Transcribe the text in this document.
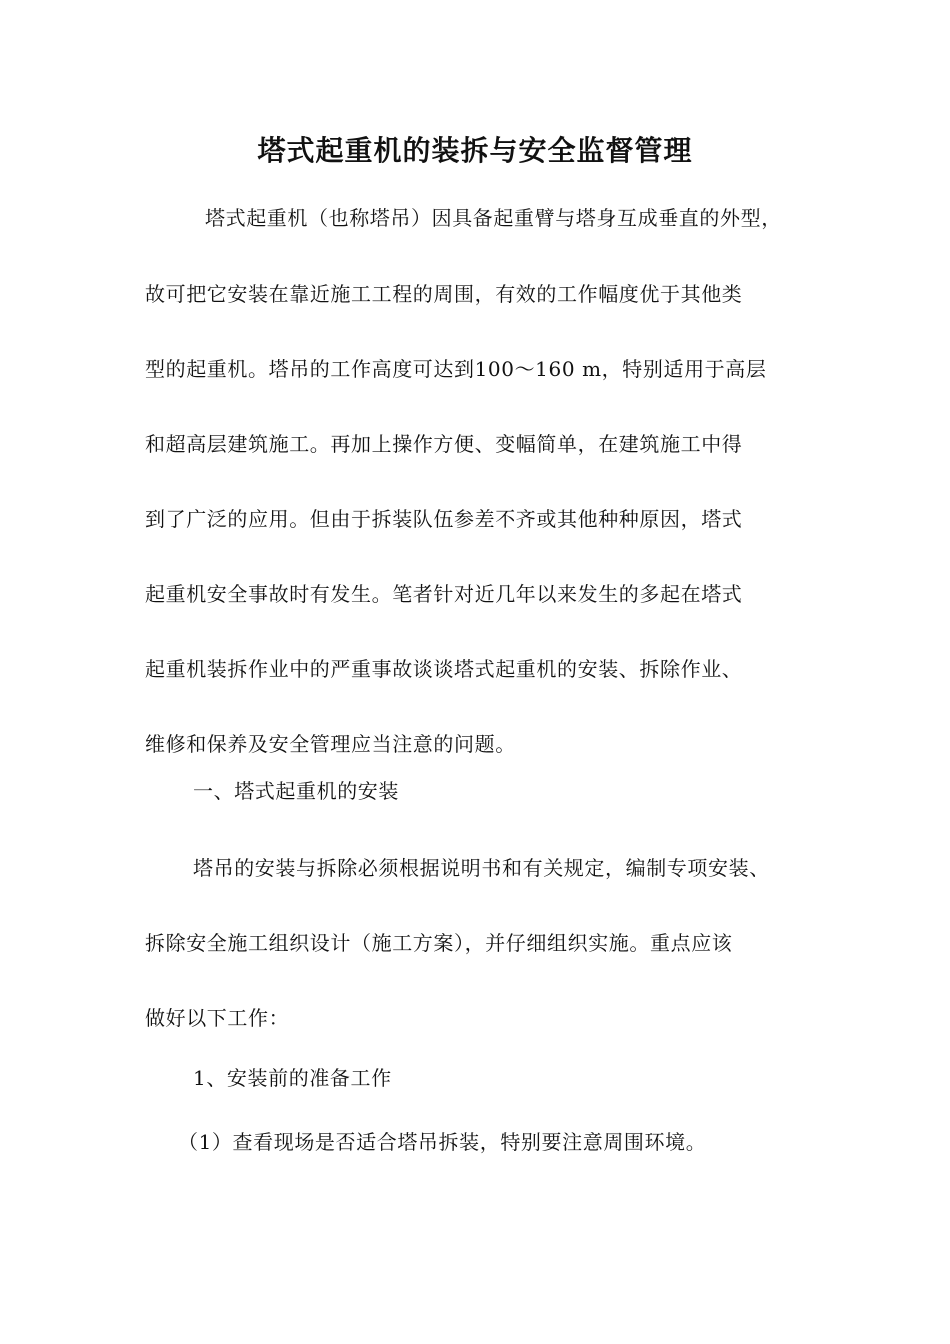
塔式起重机的装拆与安全监督管理
塔式起重机（也称塔吊）因具备起重臂与塔身互成垂直的外型，
故可把它安装在靠近施工工程的周围，有效的工作幅度优于其他类
型的起重机。塔吊的工作高度可达到100～160 m，特别适用于高层
和超高层建筑施工。再加上操作方便、变幅简单，在建筑施工中得
到了广泛的应用。但由于拆装队伍参差不齐或其他种种原因，塔式
起重机安全事故时有发生。笔者针对近几年以来发生的多起在塔式
起重机装拆作业中的严重事故谈谈塔式起重机的安装、拆除作业、
维修和保养及安全管理应当注意的问题。
一、塔式起重机的安装
塔吊的安装与拆除必须根据说明书和有关规定，编制专项安装、
拆除安全施工组织设计（施工方案），并仔细组织实施。重点应该
做好以下工作：
1、安装前的准备工作
（1）查看现场是否适合塔吊拆装，特别要注意周围环境。
